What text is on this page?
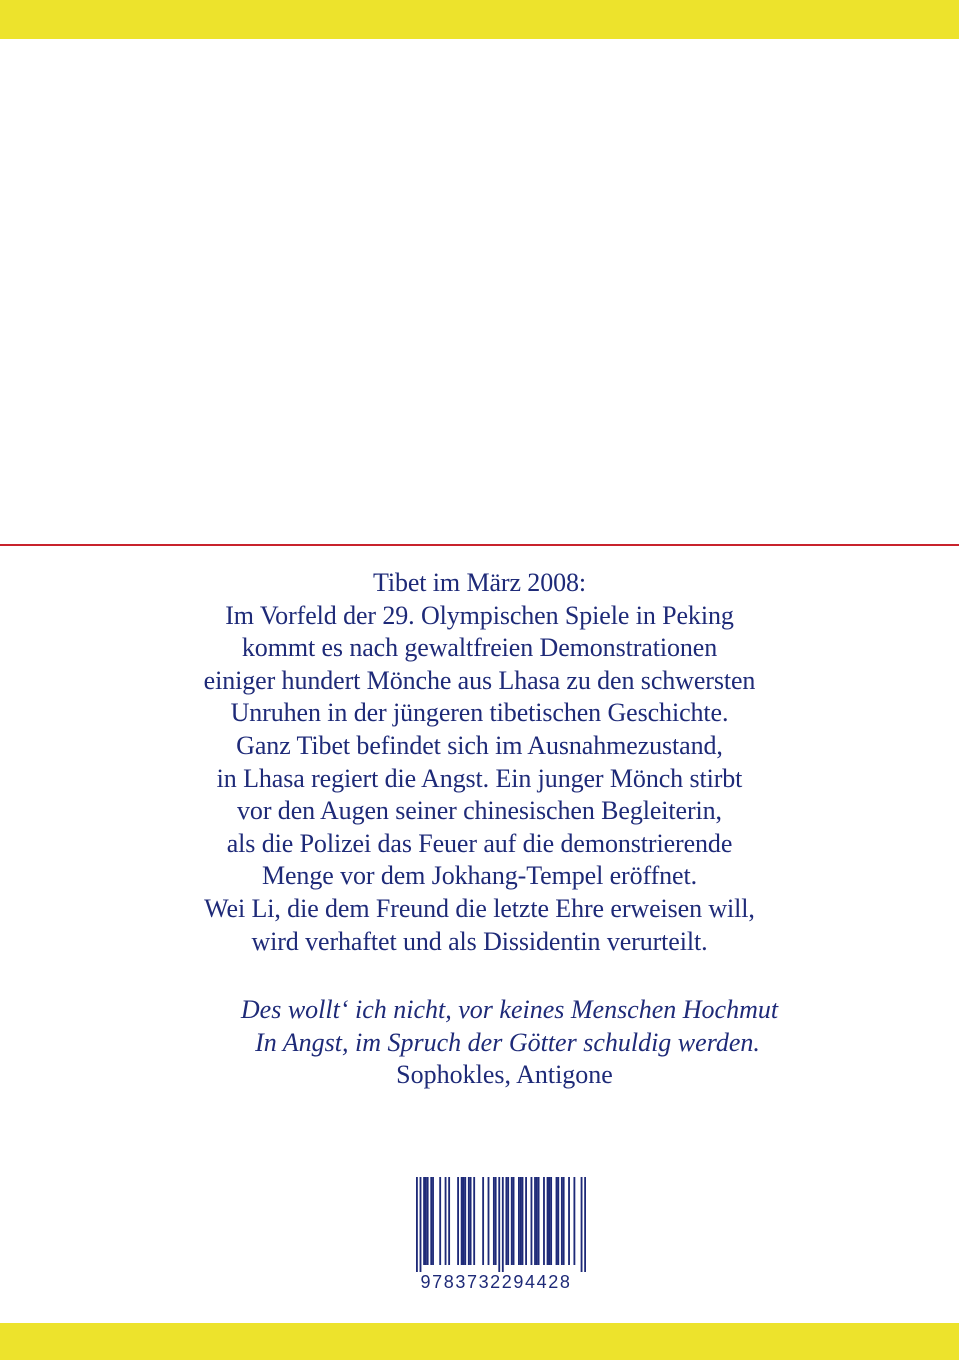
Tibet im März 2008:
Im Vorfeld der 29. Olympischen Spiele in Peking
kommt es nach gewaltfreien Demonstrationen
einiger hundert Mönche aus Lhasa zu den schwersten
Unruhen in der jüngeren tibetischen Geschichte.
Ganz Tibet befindet sich im Ausnahmezustand,
in Lhasa regiert die Angst. Ein junger Mönch stirbt
vor den Augen seiner chinesischen Begleiterin,
als die Polizei das Feuer auf die demonstrierende
Menge vor dem Jokhang-Tempel eröffnet.
Wei Li, die dem Freund die letzte Ehre erweisen will,
wird verhaftet und als Dissidentin verurteilt.

Des wollt‘ ich nicht, vor keines Menschen Hochmut
In Angst, im Spruch der Götter schuldig werden.
Sophokles, Antigone

9783732294428
